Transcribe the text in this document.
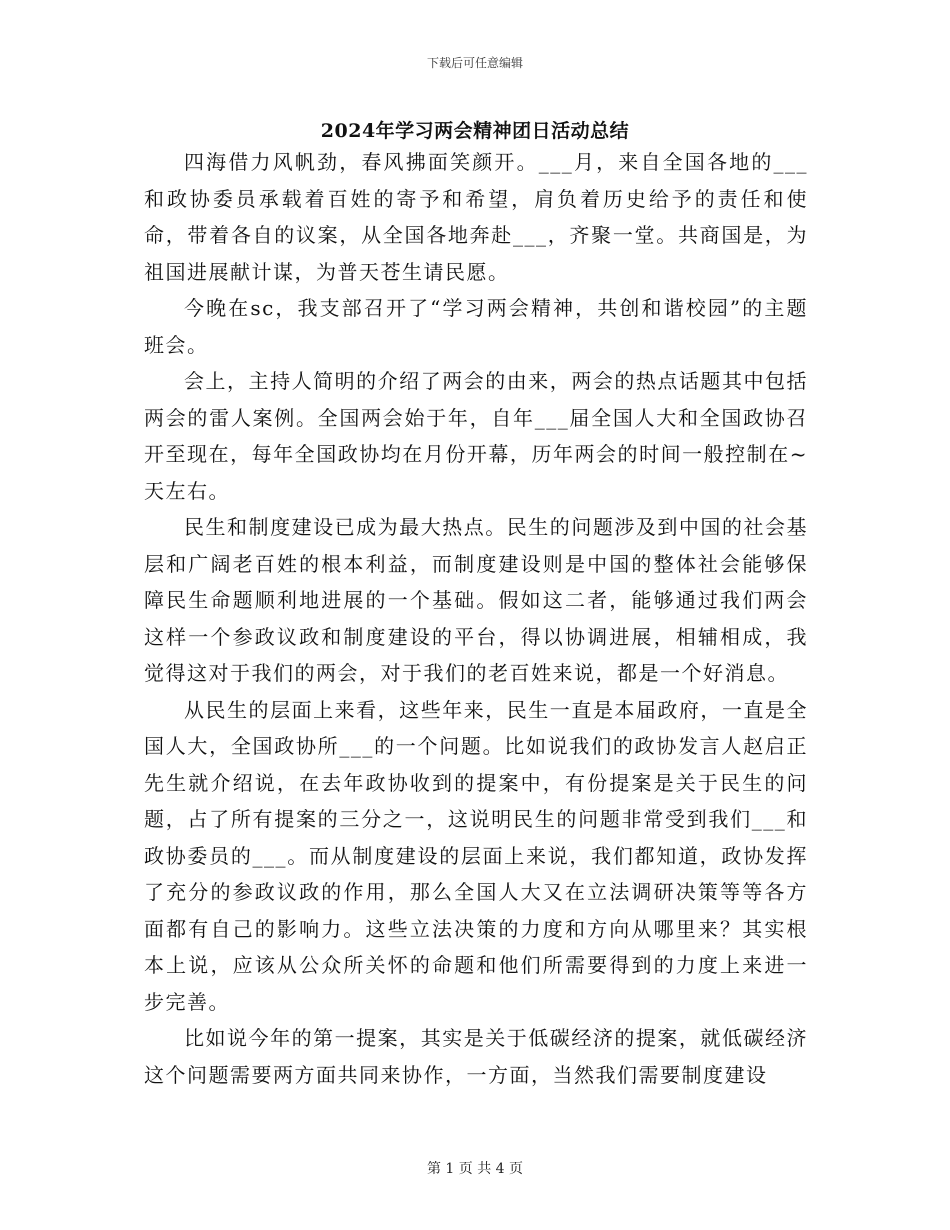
下载后可任意编辑
2024年学习两会精神团日活动总结

四海借力风帆劲，春风拂面笑颜开。___月，来自全国各地的___和政协委员承载着百姓的寄予和希望，肩负着历史给予的责任和使命，带着各自的议案，从全国各地奔赴___，齐聚一堂。共商国是，为祖国进展献计谋，为普天苍生请民愿。

今晚在sc，我支部召开了“学习两会精神，共创和谐校园”的主题班会。

会上，主持人简明的介绍了两会的由来，两会的热点话题其中包括两会的雷人案例。全国两会始于年，自年___届全国人大和全国政协召开至现在，每年全国政协均在月份开幕，历年两会的时间一般控制在~天左右。

民生和制度建设已成为最大热点。民生的问题涉及到中国的社会基层和广阔老百姓的根本利益，而制度建设则是中国的整体社会能够保障民生命题顺利地进展的一个基础。假如这二者，能够通过我们两会这样一个参政议政和制度建设的平台，得以协调进展，相辅相成，我觉得这对于我们的两会，对于我们的老百姓来说，都是一个好消息。

从民生的层面上来看，这些年来，民生一直是本届政府，一直是全国人大，全国政协所___的一个问题。比如说我们的政协发言人赵启正先生就介绍说，在去年政协收到的提案中，有份提案是关于民生的问题，占了所有提案的三分之一，这说明民生的问题非常受到我们___和政协委员的___。而从制度建设的层面上来说，我们都知道，政协发挥了充分的参政议政的作用，那么全国人大又在立法调研决策等等各方面都有自己的影响力。这些立法决策的力度和方向从哪里来？其实根本上说，应该从公众所关怀的命题和他们所需要得到的力度上来进一步完善。

比如说今年的第一提案，其实是关于低碳经济的提案，就低碳经济这个问题需要两方面共同来协作，一方面，当然我们需要制度建设

第 1 页 共 4 页
